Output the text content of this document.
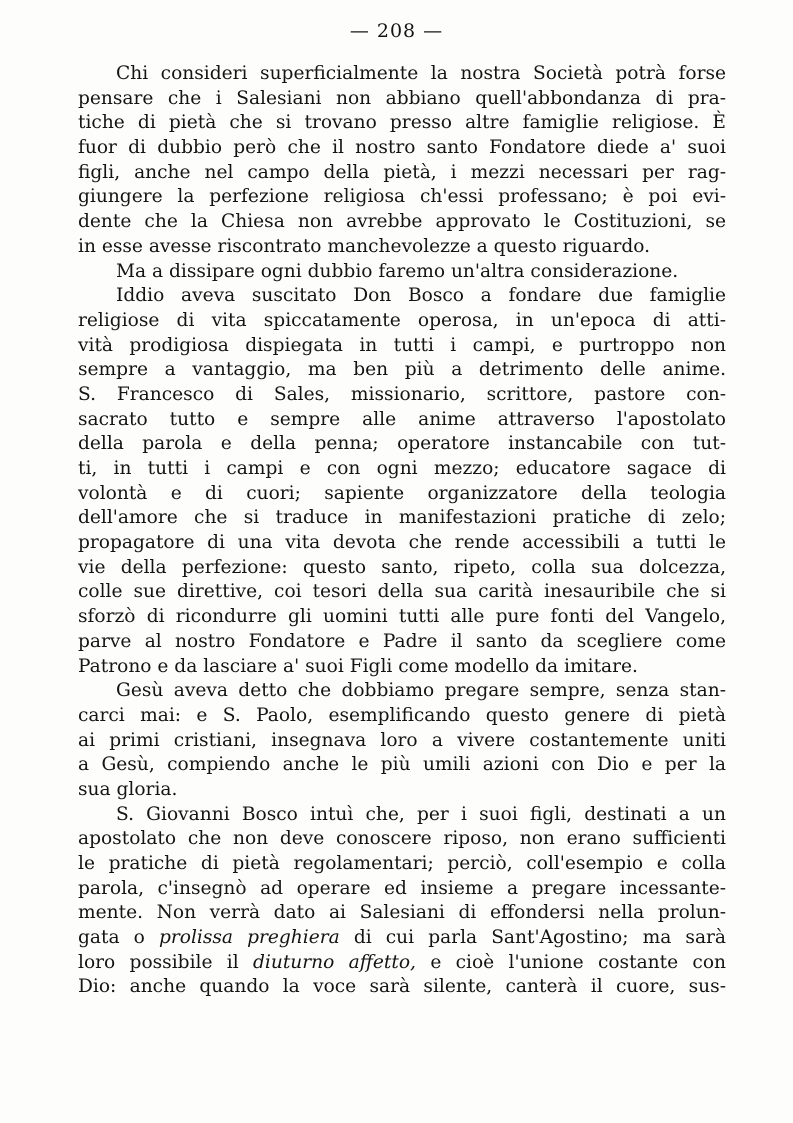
— 208 —
Chi consideri superficialmente la nostra Società potrà forse
pensare che i Salesiani non abbiano quell'abbondanza di pra-
tiche di pietà che si trovano presso altre famiglie religiose. È
fuor di dubbio però che il nostro santo Fondatore diede a' suoi
figli, anche nel campo della pietà, i mezzi necessari per rag-
giungere la perfezione religiosa ch'essi professano; è poi evi-
dente che la Chiesa non avrebbe approvato le Costituzioni, se
in esse avesse riscontrato manchevolezze a questo riguardo.
Ma a dissipare ogni dubbio faremo un'altra considerazione.
Iddio aveva suscitato Don Bosco a fondare due famiglie
religiose di vita spiccatamente operosa, in un'epoca di atti-
vità prodigiosa dispiegata in tutti i campi, e purtroppo non
sempre a vantaggio, ma ben più a detrimento delle anime.
S. Francesco di Sales, missionario, scrittore, pastore con-
sacrato tutto e sempre alle anime attraverso l'apostolato
della parola e della penna; operatore instancabile con tut-
ti, in tutti i campi e con ogni mezzo; educatore sagace di
volontà e di cuori; sapiente organizzatore della teologia
dell'amore che si traduce in manifestazioni pratiche di zelo;
propagatore di una vita devota che rende accessibili a tutti le
vie della perfezione: questo santo, ripeto, colla sua dolcezza,
colle sue direttive, coi tesori della sua carità inesauribile che si
sforzò di ricondurre gli uomini tutti alle pure fonti del Vangelo,
parve al nostro Fondatore e Padre il santo da scegliere come
Patrono e da lasciare a' suoi Figli come modello da imitare.
Gesù aveva detto che dobbiamo pregare sempre, senza stan-
carci mai: e S. Paolo, esemplificando questo genere di pietà
ai primi cristiani, insegnava loro a vivere costantemente uniti
a Gesù, compiendo anche le più umili azioni con Dio e per la
sua gloria.
S. Giovanni Bosco intuì che, per i suoi figli, destinati a un
apostolato che non deve conoscere riposo, non erano sufficienti
le pratiche di pietà regolamentari; perciò, coll'esempio e colla
parola, c'insegnò ad operare ed insieme a pregare incessante-
mente. Non verrà dato ai Salesiani di effondersi nella prolun-
gata o prolissa preghiera di cui parla Sant'Agostino; ma sarà
loro possibile il diuturno affetto, e cioè l'unione costante con
Dio: anche quando la voce sarà silente, canterà il cuore, sus-
